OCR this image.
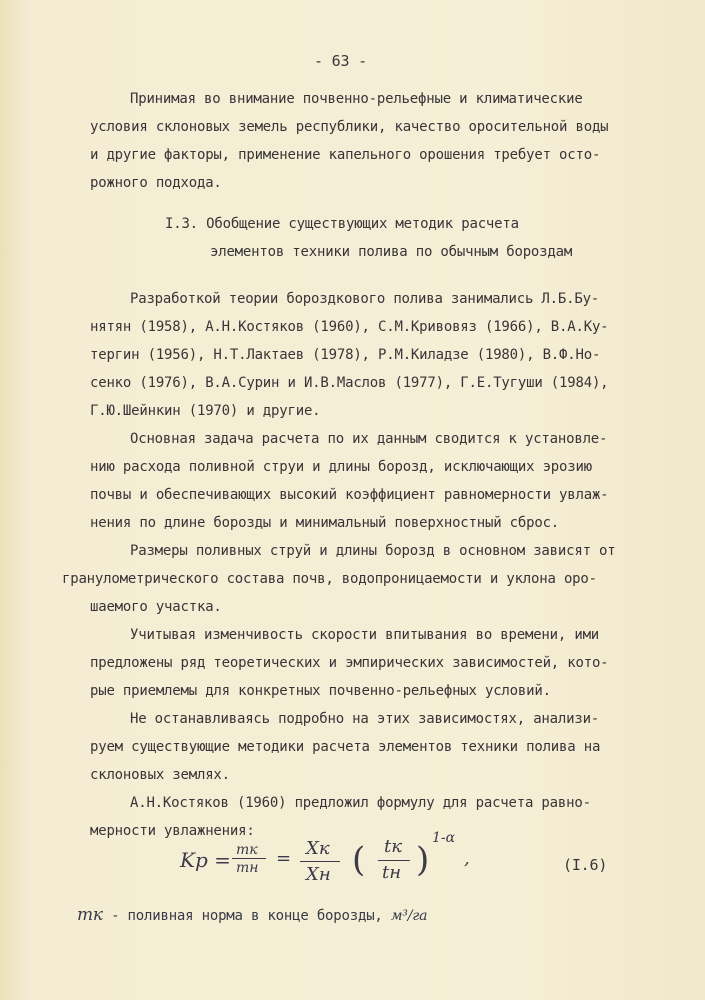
- 63 -
Принимая во внимание почвенно-рельефные и климатические
условия склоновых земель республики, качество оросительной воды
и другие факторы, применение капельного орошения требует осто-
рожного подхода.
I.3. Обобщение существующих методик расчета
элементов техники полива по обычным бороздам
Разработкой теории бороздкового полива занимались Л.Б.Бу-
нятян (1958), А.Н.Костяков (1960), С.М.Кривовяз (1966), В.А.Ку-
тергин (1956), Н.Т.Лактаев (1978), Р.М.Киладзе (1980), В.Ф.Но-
сенко (1976), В.А.Сурин и И.В.Маслов (1977), Г.Е.Тугуши (1984),
Г.Ю.Шейнкин (1970) и другие.
Основная задача расчета по их данным сводится к установле-
нию расхода поливной струи и длины борозд, исключающих эрозию
почвы и обеспечивающих высокий коэффициент равномерности увлаж-
нения по длине борозды и минимальный поверхностный сброс.
Размеры поливных струй и длины борозд в основном зависят от
гранулометрического состава почв, водопроницаемости и уклона оро-
шаемого участка.
Учитывая изменчивость скорости впитывания во времени, ими
предложены ряд теоретических и эмпирических зависимостей, кото-
рые приемлемы для конкретных почвенно-рельефных условий.
Не останавливаясь подробно на этих зависимостях, анализи-
руем существующие методики расчета элементов техники полива на
склоновых землях.
А.Н.Костяков (1960) предложил формулу для расчета равно-
мерности увлажнения:
Kp = mк
mн = Xк
Xн ( tк
tн )
1-α
,	(I.6)
mк - поливная норма в конце борозды, м³/га
